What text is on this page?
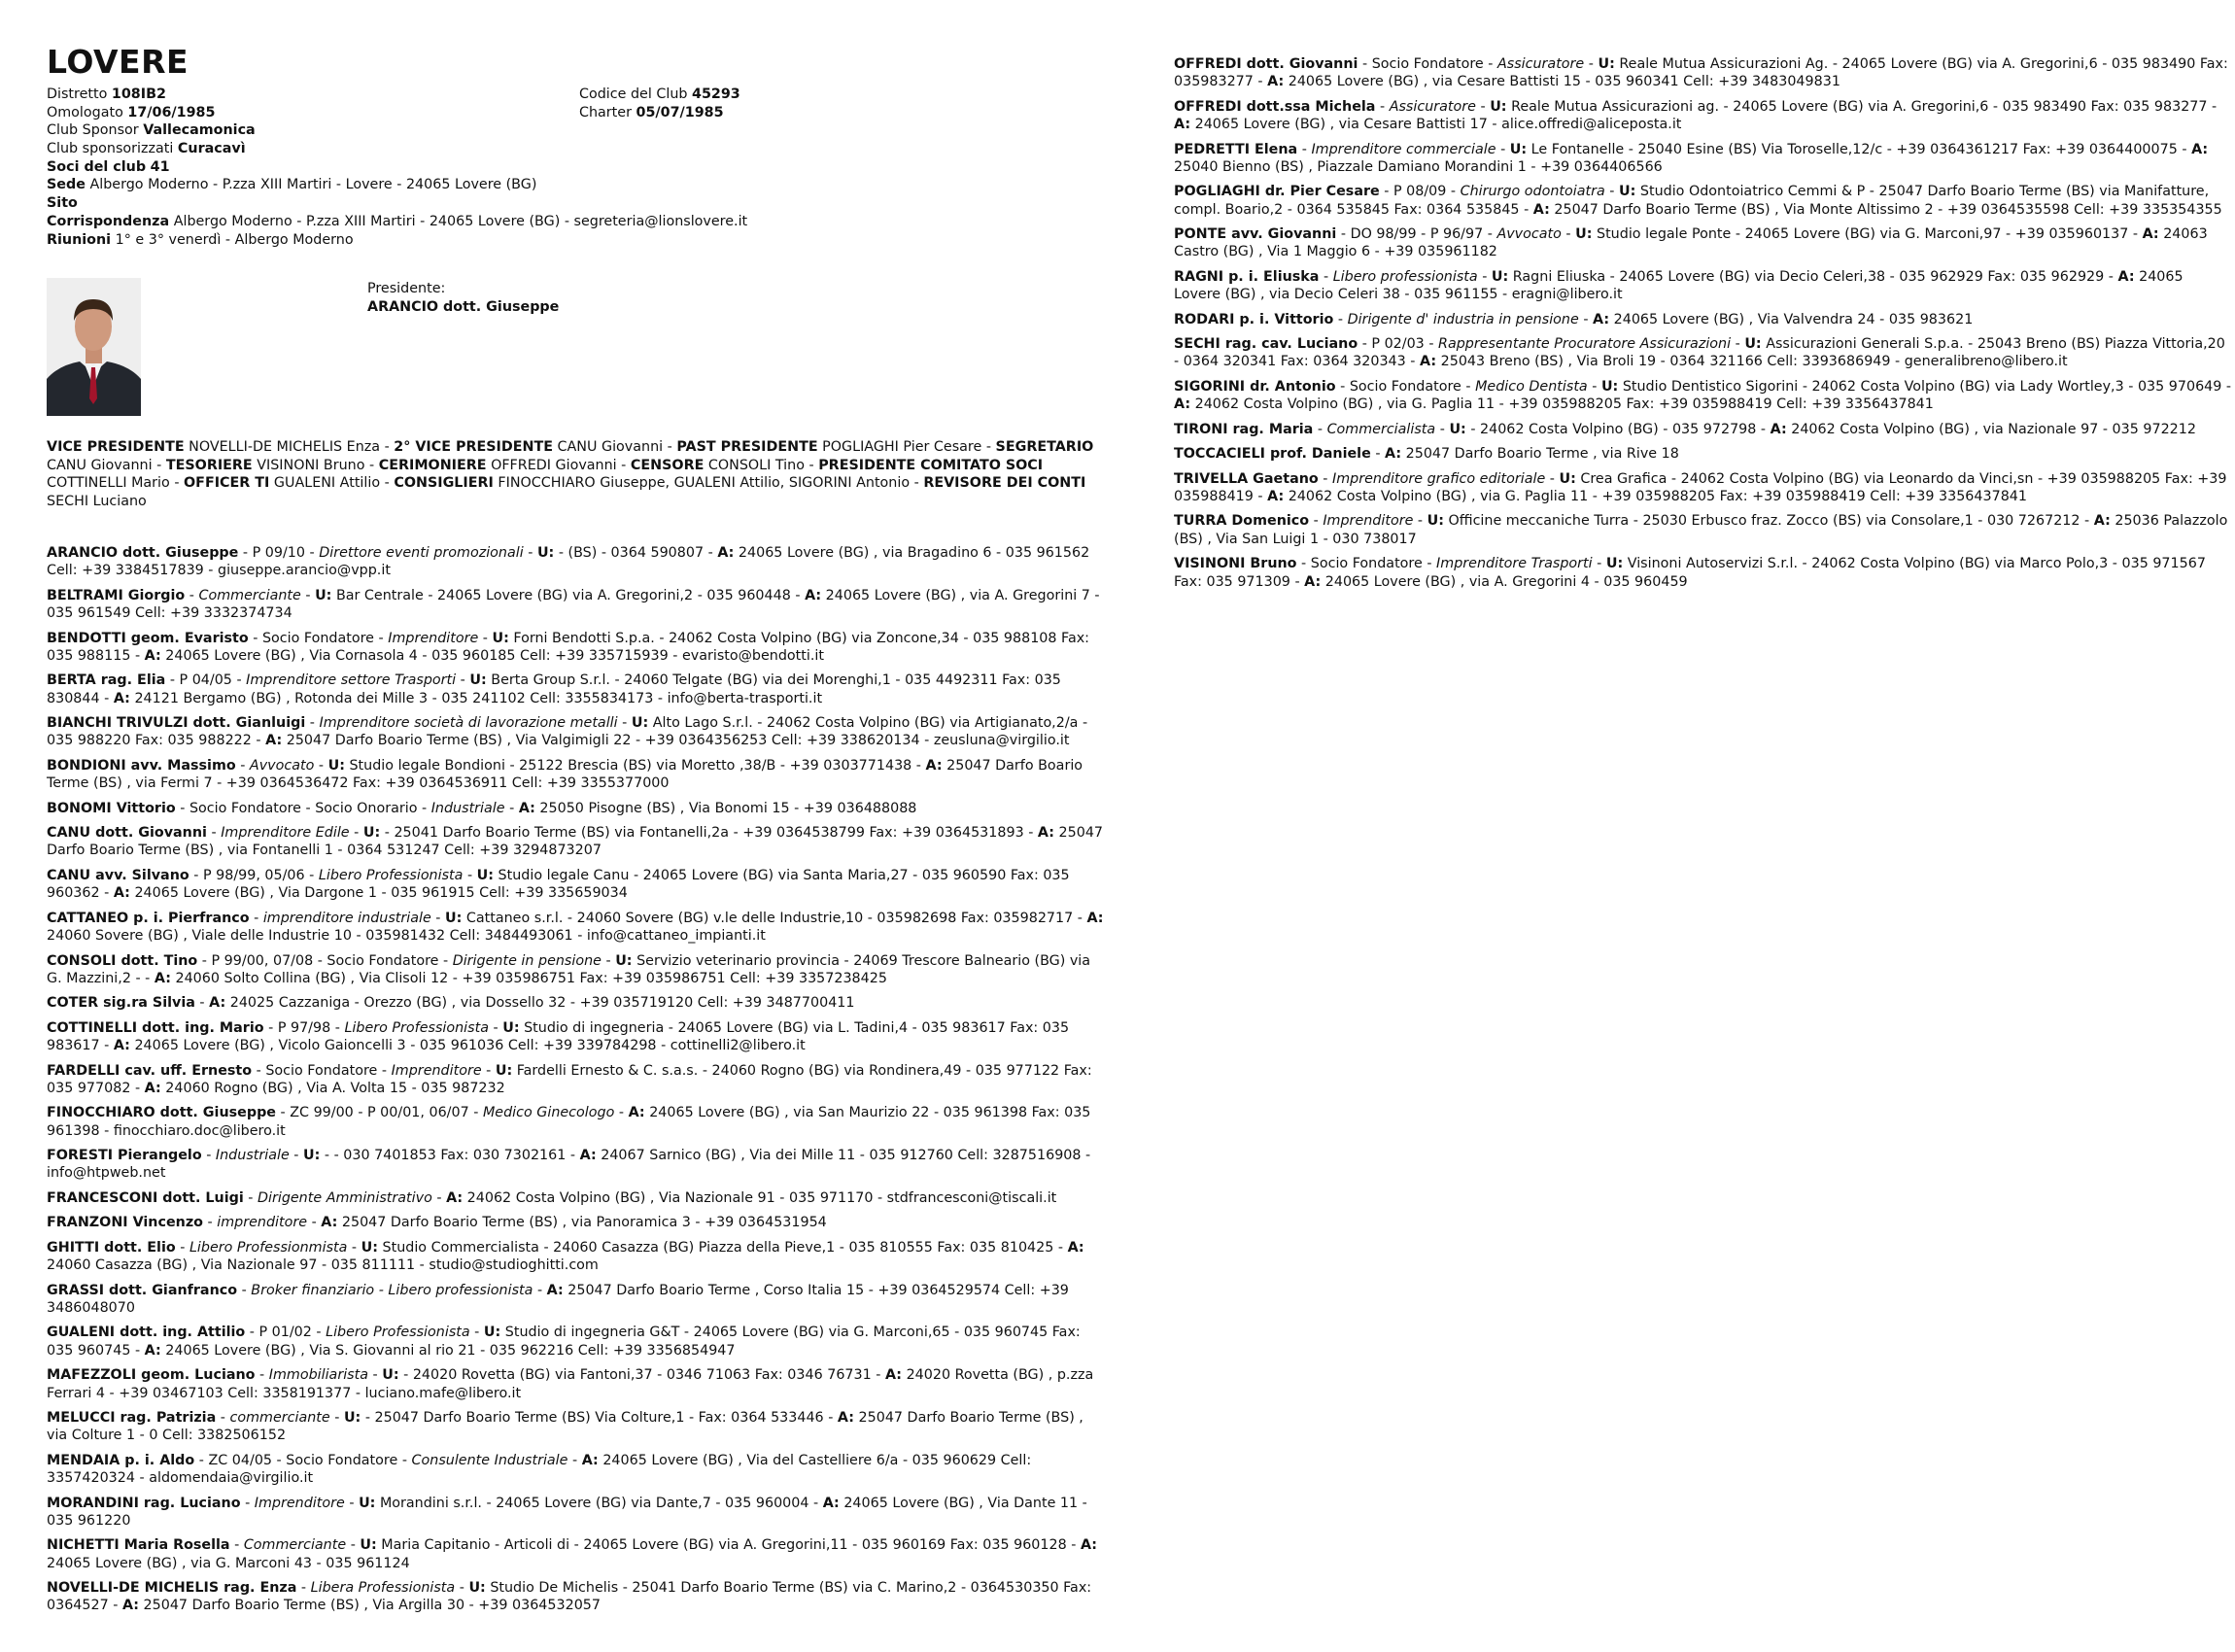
LOVERE
Distretto 108IB2	Codice del Club 45293
Omologato 17/06/1985	Charter 05/07/1985
Club Sponsor Vallecamonica
Club sponsorizzati Curacavì
Soci del club 41
Sede Albergo Moderno - P.zza XIII Martiri - Lovere - 24065 Lovere (BG)
Sito
Corrispondenza Albergo Moderno - P.zza XIII Martiri - 24065 Lovere (BG) - segreteria@lionslovere.it
Riunioni 1° e 3° venerdì - Albergo Moderno
Presidente:
ARANCIO dott. Giuseppe
VICE PRESIDENTE NOVELLI-DE MICHELIS Enza - 2° VICE PRESIDENTE CANU Giovanni - PAST PRESIDENTE POGLIAGHI Pier Cesare - SEGRETARIO CANU Giovanni - TESORIERE VISINONI Bruno - CERIMONIERE OFFREDI Giovanni - CENSORE CONSOLI Tino - PRESIDENTE COMITATO SOCI COTTINELLI Mario - OFFICER TI GUALENI Attilio - CONSIGLIERI FINOCCHIARO Giuseppe, GUALENI Attilio, SIGORINI Antonio - REVISORE DEI CONTI SECHI Luciano
ARANCIO dott. Giuseppe - P 09/10 - Direttore eventi promozionali - U: - (BS) - 0364 590807 - A: 24065 Lovere (BG) , via Bragadino 6 - 035 961562 Cell: +39 3384517839 - giuseppe.arancio@vpp.it
BELTRAMI Giorgio - Commerciante - U: Bar Centrale - 24065 Lovere (BG) via A. Gregorini,2 - 035 960448 - A: 24065 Lovere (BG) , via A. Gregorini 7 - 035 961549 Cell: +39 3332374734
BENDOTTI geom. Evaristo - Socio Fondatore - Imprenditore - U: Forni Bendotti S.p.a. - 24062 Costa Volpino (BG) via Zoncone,34 - 035 988108 Fax: 035 988115 - A: 24065 Lovere (BG) , Via Cornasola 4 - 035 960185 Cell: +39 335715939 - evaristo@bendotti.it
BERTA rag. Elia - P 04/05 - Imprenditore settore Trasporti - U: Berta Group S.r.l. - 24060 Telgate (BG) via dei Morenghi,1 - 035 4492311 Fax: 035 830844 - A: 24121 Bergamo (BG) , Rotonda dei Mille 3 - 035 241102 Cell: 3355834173 - info@berta-trasporti.it
BIANCHI TRIVULZI dott. Gianluigi - Imprenditore società di lavorazione metalli - U: Alto Lago S.r.l. - 24062 Costa Volpino (BG) via Artigianato,2/a - 035 988220 Fax: 035 988222 - A: 25047 Darfo Boario Terme (BS) , Via Valgimigli 22 - +39 0364356253 Cell: +39 338620134 - zeusluna@virgilio.it
BONDIONI avv. Massimo - Avvocato - U: Studio legale Bondioni - 25122 Brescia (BS) via Moretto ,38/B - +39 0303771438 - A: 25047 Darfo Boario Terme (BS) , via Fermi 7 - +39 0364536472 Fax: +39 0364536911 Cell: +39 3355377000
BONOMI Vittorio - Socio Fondatore - Socio Onorario - Industriale - A: 25050 Pisogne (BS) , Via Bonomi 15 - +39 036488088
CANU dott. Giovanni - Imprenditore Edile - U: - 25041 Darfo Boario Terme (BS) via Fontanelli,2a - +39 0364538799 Fax: +39 0364531893 - A: 25047 Darfo Boario Terme (BS) , via Fontanelli 1 - 0364 531247 Cell: +39 3294873207
CANU avv. Silvano - P 98/99, 05/06 - Libero Professionista - U: Studio legale Canu - 24065 Lovere (BG) via Santa Maria,27 - 035 960590 Fax: 035 960362 - A: 24065 Lovere (BG) , Via Dargone 1 - 035 961915 Cell: +39 335659034
CATTANEO p. i. Pierfranco - imprenditore industriale - U: Cattaneo s.r.l. - 24060 Sovere (BG) v.le delle Industrie,10 - 035982698 Fax: 035982717 - A: 24060 Sovere (BG) , Viale delle Industrie 10 - 035981432 Cell: 3484493061 - info@cattaneo_impianti.it
CONSOLI dott. Tino - P 99/00, 07/08 - Socio Fondatore - Dirigente in pensione - U: Servizio veterinario provincia - 24069 Trescore Balneario (BG) via G. Mazzini,2 - - A: 24060 Solto Collina (BG) , Via Clisoli 12 - +39 035986751 Fax: +39 035986751 Cell: +39 3357238425
COTER sig.ra Silvia - A: 24025 Cazzaniga - Orezzo (BG) , via Dossello 32 - +39 035719120 Cell: +39 3487700411
COTTINELLI dott. ing. Mario - P 97/98 - Libero Professionista - U: Studio di ingegneria - 24065 Lovere (BG) via L. Tadini,4 - 035 983617 Fax: 035 983617 - A: 24065 Lovere (BG) , Vicolo Gaioncelli 3 - 035 961036 Cell: +39 339784298 - cottinelli2@libero.it
FARDELLI cav. uff. Ernesto - Socio Fondatore - Imprenditore - U: Fardelli Ernesto & C. s.a.s. - 24060 Rogno (BG) via Rondinera,49 - 035 977122 Fax: 035 977082 - A: 24060 Rogno (BG) , Via A. Volta 15 - 035 987232
FINOCCHIARO dott. Giuseppe - ZC 99/00 - P 00/01, 06/07 - Medico Ginecologo - A: 24065 Lovere (BG) , via San Maurizio 22 - 035 961398 Fax: 035 961398 - finocchiaro.doc@libero.it
FORESTI Pierangelo - Industriale - U: - - 030 7401853 Fax: 030 7302161 - A: 24067 Sarnico (BG) , Via dei Mille 11 - 035 912760 Cell: 3287516908 - info@htpweb.net
FRANCESCONI dott. Luigi - Dirigente Amministrativo - A: 24062 Costa Volpino (BG) , Via Nazionale 91 - 035 971170 - stdfrancesconi@tiscali.it
FRANZONI Vincenzo - imprenditore - A: 25047 Darfo Boario Terme (BS) , via Panoramica 3 - +39 0364531954
GHITTI dott. Elio - Libero Professionmista - U: Studio Commercialista - 24060 Casazza (BG) Piazza della Pieve,1 - 035 810555 Fax: 035 810425 - A: 24060 Casazza (BG) , Via Nazionale 97 - 035 811111 - studio@studioghitti.com
GRASSI dott. Gianfranco - Broker finanziario - Libero professionista - A: 25047 Darfo Boario Terme , Corso Italia 15 - +39 0364529574 Cell: +39 3486048070
GUALENI dott. ing. Attilio - P 01/02 - Libero Professionista - U: Studio di ingegneria G&T - 24065 Lovere (BG) via G. Marconi,65 - 035 960745 Fax: 035 960745 - A: 24065 Lovere (BG) , Via S. Giovanni al rio 21 - 035 962216 Cell: +39 3356854947
MAFEZZOLI geom. Luciano - Immobiliarista - U: - 24020 Rovetta (BG) via Fantoni,37 - 0346 71063 Fax: 0346 76731 - A: 24020 Rovetta (BG) , p.zza Ferrari 4 - +39 03467103 Cell: 3358191377 - luciano.mafe@libero.it
MELUCCI rag. Patrizia - commerciante - U: - 25047 Darfo Boario Terme (BS) Via Colture,1 - Fax: 0364 533446 - A: 25047 Darfo Boario Terme (BS) , via Colture 1 - 0 Cell: 3382506152
MENDAIA p. i. Aldo - ZC 04/05 - Socio Fondatore - Consulente Industriale - A: 24065 Lovere (BG) , Via del Castelliere 6/a - 035 960629 Cell: 3357420324 - aldomendaia@virgilio.it
MORANDINI rag. Luciano - Imprenditore - U: Morandini s.r.l. - 24065 Lovere (BG) via Dante,7 - 035 960004 - A: 24065 Lovere (BG) , Via Dante 11 - 035 961220
NICHETTI Maria Rosella - Commerciante - U: Maria Capitanio - Articoli di - 24065 Lovere (BG) via A. Gregorini,11 - 035 960169 Fax: 035 960128 - A: 24065 Lovere (BG) , via G. Marconi 43 - 035 961124
NOVELLI-DE MICHELIS rag. Enza - Libera Professionista - U: Studio De Michelis - 25041 Darfo Boario Terme (BS) via C. Marino,2 - 0364530350 Fax: 0364527 - A: 25047 Darfo Boario Terme (BS) , Via Argilla 30 - +39 0364532057

OFFREDI dott. Giovanni - Socio Fondatore - Assicuratore - U: Reale Mutua Assicurazioni Ag. - 24065 Lovere (BG) via A. Gregorini,6 - 035 983490 Fax: 035983277 - A: 24065 Lovere (BG) , via Cesare Battisti 15 - 035 960341 Cell: +39 3483049831
OFFREDI dott.ssa Michela - Assicuratore - U: Reale Mutua Assicurazioni ag. - 24065 Lovere (BG) via A. Gregorini,6 - 035 983490 Fax: 035 983277 - A: 24065 Lovere (BG) , via Cesare Battisti 17 - alice.offredi@aliceposta.it
PEDRETTI Elena - Imprenditore commerciale - U: Le Fontanelle - 25040 Esine (BS) Via Toroselle,12/c - +39 0364361217 Fax: +39 0364400075 - A: 25040 Bienno (BS) , Piazzale Damiano Morandini 1 - +39 0364406566
POGLIAGHI dr. Pier Cesare - P 08/09 - Chirurgo odontoiatra - U: Studio Odontoiatrico Cemmi & P - 25047 Darfo Boario Terme (BS) via Manifatture, compl. Boario,2 - 0364 535845 Fax: 0364 535845 - A: 25047 Darfo Boario Terme (BS) , Via Monte Altissimo 2 - +39 0364535598 Cell: +39 335354355
PONTE avv. Giovanni - DO 98/99 - P 96/97 - Avvocato - U: Studio legale Ponte - 24065 Lovere (BG) via G. Marconi,97 - +39 035960137 - A: 24063 Castro (BG) , Via 1 Maggio 6 - +39 035961182
RAGNI p. i. Eliuska - Libero professionista - U: Ragni Eliuska - 24065 Lovere (BG) via Decio Celeri,38 - 035 962929 Fax: 035 962929 - A: 24065 Lovere (BG) , via Decio Celeri 38 - 035 961155 - eragni@libero.it
RODARI p. i. Vittorio - Dirigente d' industria in pensione - A: 24065 Lovere (BG) , Via Valvendra 24 - 035 983621
SECHI rag. cav. Luciano - P 02/03 - Rappresentante Procuratore Assicurazioni - U: Assicurazioni Generali S.p.a. - 25043 Breno (BS) Piazza Vittoria,20 - 0364 320341 Fax: 0364 320343 - A: 25043 Breno (BS) , Via Broli 19 - 0364 321166 Cell: 3393686949 - generalibreno@libero.it
SIGORINI dr. Antonio - Socio Fondatore - Medico Dentista - U: Studio Dentistico Sigorini - 24062 Costa Volpino (BG) via Lady Wortley,3 - 035 970649 - A: 24062 Costa Volpino (BG) , via G. Paglia 11 - +39 035988205 Fax: +39 035988419 Cell: +39 3356437841
TIRONI rag. Maria - Commercialista - U: - 24062 Costa Volpino (BG) - 035 972798 - A: 24062 Costa Volpino (BG) , via Nazionale 97 - 035 972212
TOCCACIELI prof. Daniele - A: 25047 Darfo Boario Terme , via Rive 18
TRIVELLA Gaetano - Imprenditore grafico editoriale - U: Crea Grafica - 24062 Costa Volpino (BG) via Leonardo da Vinci,sn - +39 035988205 Fax: +39 035988419 - A: 24062 Costa Volpino (BG) , via G. Paglia 11 - +39 035988205 Fax: +39 035988419 Cell: +39 3356437841
TURRA Domenico - Imprenditore - U: Officine meccaniche Turra - 25030 Erbusco fraz. Zocco (BS) via Consolare,1 - 030 7267212 - A: 25036 Palazzolo (BS) , Via San Luigi 1 - 030 738017
VISINONI Bruno - Socio Fondatore - Imprenditore Trasporti - U: Visinoni Autoservizi S.r.l. - 24062 Costa Volpino (BG) via Marco Polo,3 - 035 971567 Fax: 035 971309 - A: 24065 Lovere (BG) , via A. Gregorini 4 - 035 960459
